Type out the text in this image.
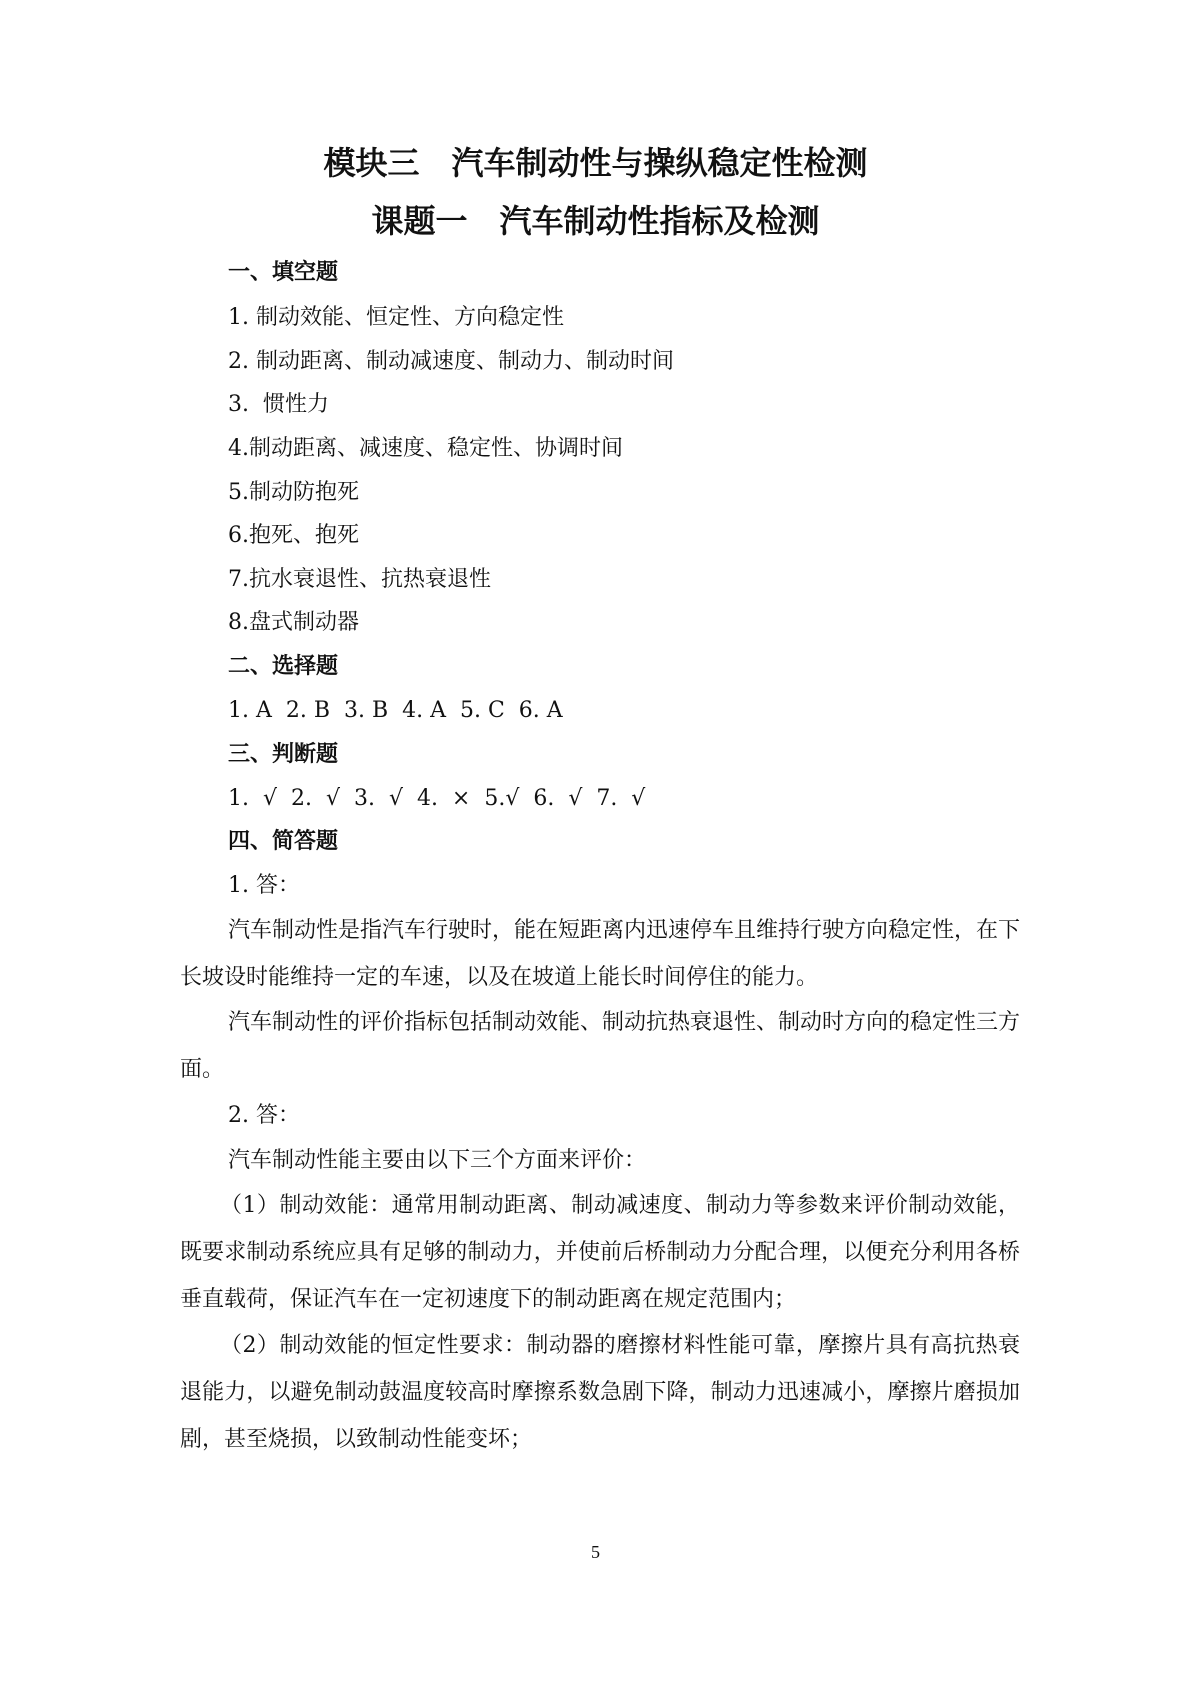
模块三　汽车制动性与操纵稳定性检测
课题一　汽车制动性指标及检测
一、填空题

1. 制动效能、恒定性、方向稳定性

2. 制动距离、制动减速度、制动力、制动时间

3.  惯性力

4.制动距离、减速度、稳定性、协调时间

5.制动防抱死

6.抱死、抱死

7.抗水衰退性、抗热衰退性

8.盘式制动器

二、选择题

1. A  2. B  3. B  4. A  5. C  6. A

三、判断题

1.  √  2.  √  3.  √  4.  ×  5.√  6.  √  7.  √

四、简答题

1. 答：

汽车制动性是指汽车行驶时，能在短距离内迅速停车且维持行驶方向稳定性，在下长坡设时能维持一定的车速，以及在坡道上能长时间停住的能力。

汽车制动性的评价指标包括制动效能、制动抗热衰退性、制动时方向的稳定性三方面。

2. 答：

汽车制动性能主要由以下三个方面来评价：

（1）制动效能：通常用制动距离、制动减速度、制动力等参数来评价制动效能，既要求制动系统应具有足够的制动力，并使前后桥制动力分配合理，以便充分利用各桥垂直载荷，保证汽车在一定初速度下的制动距离在规定范围内；

（2）制动效能的恒定性要求：制动器的磨擦材料性能可靠，摩擦片具有高抗热衰退能力，以避免制动鼓温度较高时摩擦系数急剧下降，制动力迅速减小，摩擦片磨损加剧，甚至烧损，以致制动性能变坏；

5
